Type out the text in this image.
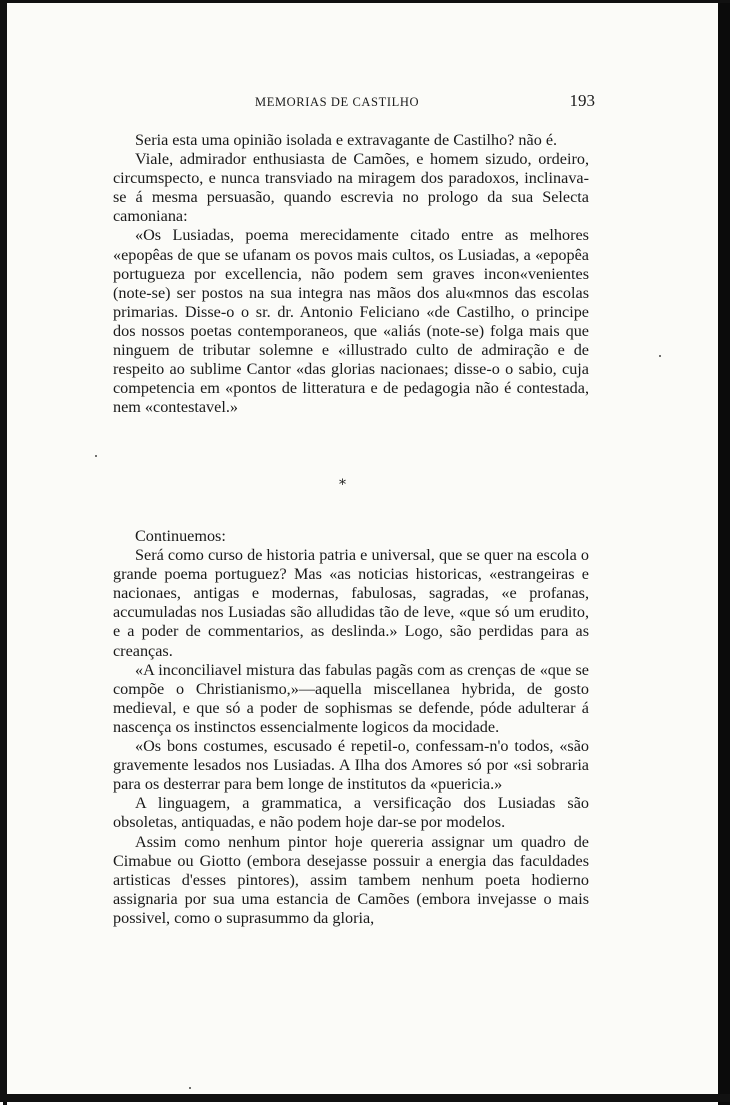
MEMORIAS DE CASTILHO	193

Seria esta uma opinião isolada e extravagante de Castilho? não é.

Viale, admirador enthusiasta de Camões, e homem sizudo, ordeiro, circumspecto, e nunca transviado na miragem dos paradoxos, inclinava-se á mesma persuasão, quando escrevia no prologo da sua Selecta camoniana:

«Os Lusiadas, poema merecidamente citado entre as melhores «epopêas de que se ufanam os povos mais cultos, os Lusiadas, a «epopêa portugueza por excellencia, não podem sem graves incon«venientes (note-se) ser postos na sua integra nas mãos dos alu«mnos das escolas primarias. Disse-o o sr. dr. Antonio Feliciano «de Castilho, o principe dos nossos poetas contemporaneos, que «aliás (note-se) folga mais que ninguem de tributar solemne e «illustrado culto de admiração e de respeito ao sublime Cantor «das glorias nacionaes; disse-o o sabio, cuja competencia em «pontos de litteratura e de pedagogia não é contestada, nem «contestavel.»

*

Continuemos:

Será como curso de historia patria e universal, que se quer na escola o grande poema portuguez? Mas «as noticias historicas, «estrangeiras e nacionaes, antigas e modernas, fabulosas, sagradas, «e profanas, accumuladas nos Lusiadas são alludidas tão de leve, «que só um erudito, e a poder de commentarios, as deslinda.» Logo, são perdidas para as creanças.

«A inconciliavel mistura das fabulas pagãs com as crenças de «que se compõe o Christianismo,»—aquella miscellanea hybrida, de gosto medieval, e que só a poder de sophismas se defende, póde adulterar á nascença os instinctos essencialmente logicos da mocidade.

«Os bons costumes, escusado é repetil-o, confessam-n'o todos, «são gravemente lesados nos Lusiadas. A Ilha dos Amores só por «si sobraria para os desterrar para bem longe de institutos da «puericia.»

A linguagem, a grammatica, a versificação dos Lusiadas são obsoletas, antiquadas, e não podem hoje dar-se por modelos.

Assim como nenhum pintor hoje quereria assignar um quadro de Cimabue ou Giotto (embora desejasse possuir a energia das faculdades artisticas d'esses pintores), assim tambem nenhum poeta hodierno assignaria por sua uma estancia de Camões (embora invejasse o mais possivel, como o suprasummo da gloria,
